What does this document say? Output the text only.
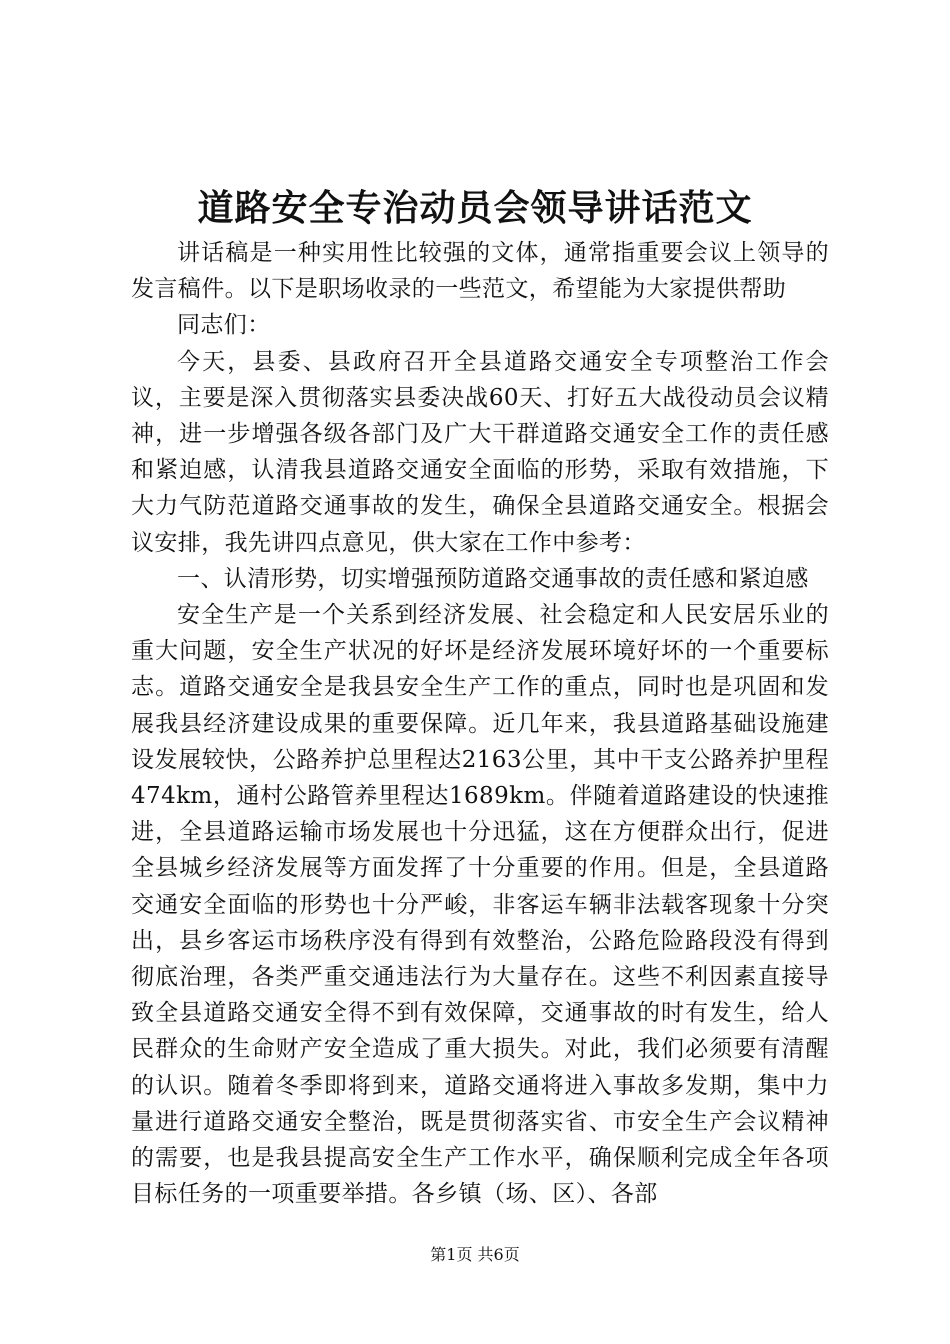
道路安全专治动员会领导讲话范文

讲话稿是一种实用性比较强的文体，通常指重要会议上领导的发言稿件。以下是职场收录的一些范文，希望能为大家提供帮助

同志们：

今天，县委、县政府召开全县道路交通安全专项整治工作会议，主要是深入贯彻落实县委决战60天、打好五大战役动员会议精神，进一步增强各级各部门及广大干群道路交通安全工作的责任感和紧迫感，认清我县道路交通安全面临的形势，采取有效措施，下大力气防范道路交通事故的发生，确保全县道路交通安全。根据会议安排，我先讲四点意见，供大家在工作中参考：

一、认清形势，切实增强预防道路交通事故的责任感和紧迫感

安全生产是一个关系到经济发展、社会稳定和人民安居乐业的重大问题，安全生产状况的好坏是经济发展环境好坏的一个重要标志。道路交通安全是我县安全生产工作的重点，同时也是巩固和发展我县经济建设成果的重要保障。近几年来，我县道路基础设施建设发展较快，公路养护总里程达2163公里，其中干支公路养护里程474km，通村公路管养里程达1689km。伴随着道路建设的快速推进，全县道路运输市场发展也十分迅猛，这在方便群众出行，促进全县城乡经济发展等方面发挥了十分重要的作用。但是，全县道路交通安全面临的形势也十分严峻，非客运车辆非法载客现象十分突出，县乡客运市场秩序没有得到有效整治，公路危险路段没有得到彻底治理，各类严重交通违法行为大量存在。这些不利因素直接导致全县道路交通安全得不到有效保障，交通事故的时有发生，给人民群众的生命财产安全造成了重大损失。对此，我们必须要有清醒的认识。随着冬季即将到来，道路交通将进入事故多发期，集中力量进行道路交通安全整治，既是贯彻落实省、市安全生产会议精神的需要，也是我县提高安全生产工作水平，确保顺利完成全年各项目标任务的一项重要举措。各乡镇（场、区）、各部

第1页 共6页
